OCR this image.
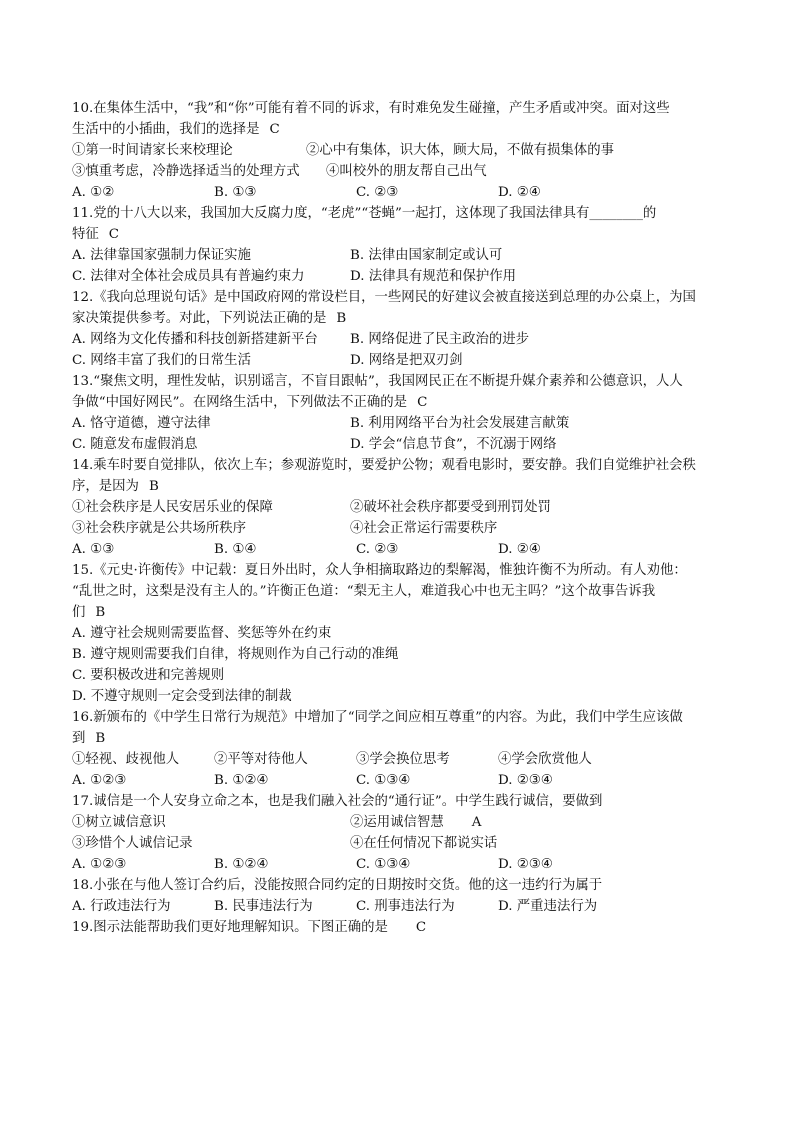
10.在集体生活中，“我”和“你”可能有着不同的诉求，有时难免发生碰撞，产生矛盾或冲突。面对这些
生活中的小插曲，我们的选择是 C
①第一时间请家长来校理论	②心中有集体，识大体，顾大局，不做有损集体的事
③慎重考虑，冷静选择适当的处理方式	④叫校外的朋友帮自己出气
A. ①②	B. ①③	C. ②③	D. ②④
11.党的十八大以来，我国加大反腐力度，“老虎”“苍蝇”一起打，这体现了我国法律具有________的
特征 C
A. 法律靠国家强制力保证实施	B. 法律由国家制定或认可
C. 法律对全体社会成员具有普遍约束力	D. 法律具有规范和保护作用
12.《我向总理说句话》是中国政府网的常设栏目，一些网民的好建议会被直接送到总理的办公桌上，为国
家决策提供参考。对此，下列说法正确的是 B
A. 网络为文化传播和科技创新搭建新平台	B. 网络促进了民主政治的进步
C. 网络丰富了我们的日常生活	D. 网络是把双刃剑
13.“聚焦文明，理性发帖，识别谣言，不盲目跟帖”，我国网民正在不断提升媒介素养和公德意识，人人
争做“中国好网民”。在网络生活中，下列做法不正确的是 C
A. 恪守道德，遵守法律	B. 利用网络平台为社会发展建言献策
C. 随意发布虚假消息	D. 学会“信息节食”，不沉溺于网络
14.乘车时要自觉排队，依次上车；参观游览时，要爱护公物；观看电影时，要安静。我们自觉维护社会秩
序，是因为 B
①社会秩序是人民安居乐业的保障	②破坏社会秩序都要受到刑罚处罚
③社会秩序就是公共场所秩序	④社会正常运行需要秩序
A. ①③	B. ①④	C. ②③	D. ②④
15.《元史·许衡传》中记载：夏日外出时，众人争相摘取路边的梨解渴，惟独许衡不为所动。有人劝他：
“乱世之时，这梨是没有主人的。”许衡正色道：“梨无主人，难道我心中也无主吗？”这个故事告诉我
们 B
A. 遵守社会规则需要监督、奖惩等外在约束
B. 遵守规则需要我们自律，将规则作为自己行动的准绳
C. 要积极改进和完善规则
D. 不遵守规则一定会受到法律的制裁
16.新颁布的《中学生日常行为规范》中增加了“同学之间应相互尊重”的内容。为此，我们中学生应该做
到 B
①轻视、歧视他人	②平等对待他人	③学会换位思考	④学会欣赏他人
A. ①②③	B. ①②④	C. ①③④	D. ②③④
17.诚信是一个人安身立命之本，也是我们融入社会的“通行证”。中学生践行诚信，要做到
①树立诚信意识	②运用诚信智慧	A
③珍惜个人诚信记录	④在任何情况下都说实话
A. ①②③	B. ①②④	C. ①③④	D. ②③④
18.小张在与他人签订合约后，没能按照合同约定的日期按时交货。他的这一违约行为属于
A. 行政违法行为	B. 民事违法行为	C. 刑事违法行为	D. 严重违法行为
19.图示法能帮助我们更好地理解知识。下图正确的是 C
